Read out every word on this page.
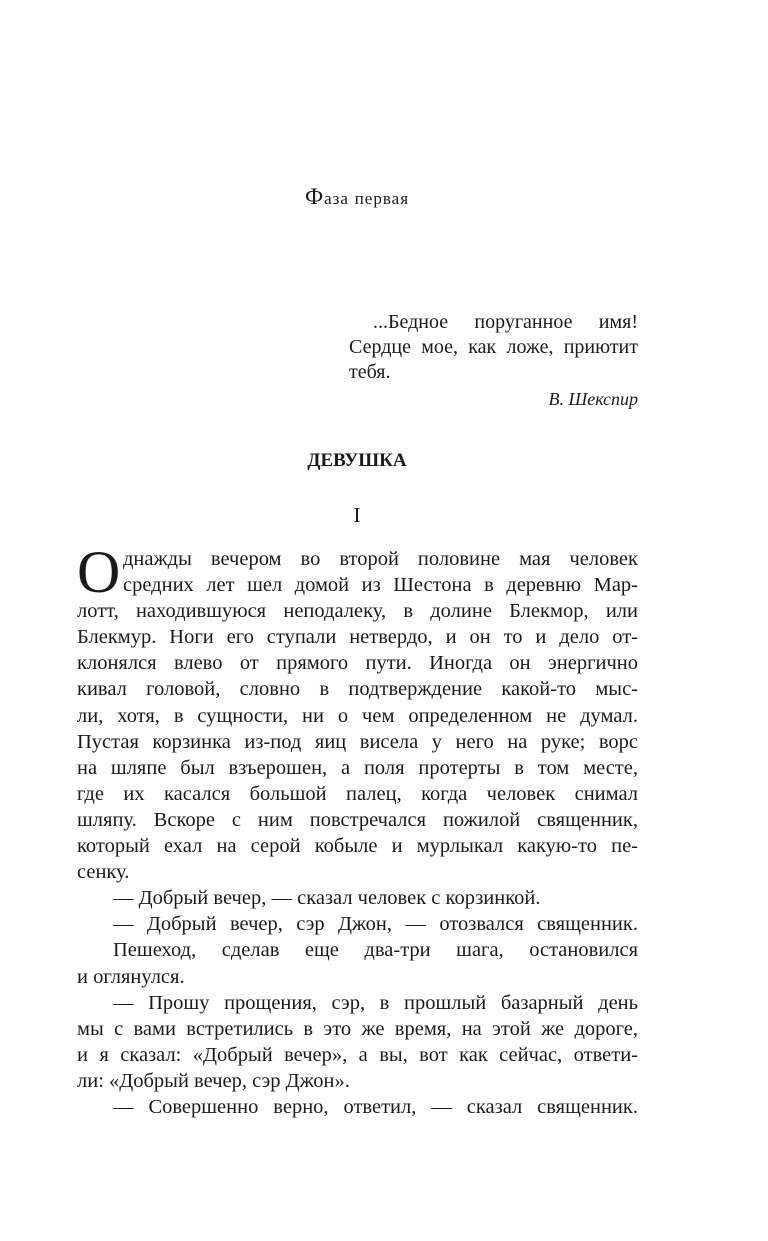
Фаза первая
...Бедное поруганное имя!
Сердце мое, как ложе, приютит
тебя.
В. Шекспир
ДЕВУШКА
I
О днажды вечером во второй половине мая человек
средних лет шел домой из Шестона в деревню Мар-
лотт, находившуюся неподалеку, в долине Блекмор, или
Блекмур. Ноги его ступали нетвердо, и он то и дело от-
клонялся влево от прямого пути. Иногда он энергично
кивал головой, словно в подтверждение какой-то мыс-
ли, хотя, в сущности, ни о чем определенном не думал.
Пустая корзинка из-под яиц висела у него на руке; ворс
на шляпе был взъерошен, а поля протерты в том месте,
где их касался большой палец, когда человек снимал
шляпу. Вскоре с ним повстречался пожилой священник,
который ехал на серой кобыле и мурлыкал какую-то пе-
сенку.
— Добрый вечер, — сказал человек с корзинкой.
— Добрый вечер, сэр Джон, — отозвался священник.
Пешеход, сделав еще два-три шага, остановился
и оглянулся.
— Прошу прощения, сэр, в прошлый базарный день
мы с вами встретились в это же время, на этой же дороге,
и я сказал: «Добрый вечер», а вы, вот как сейчас, ответи-
ли: «Добрый вечер, сэр Джон».
— Совершенно верно, ответил, — сказал священник.
